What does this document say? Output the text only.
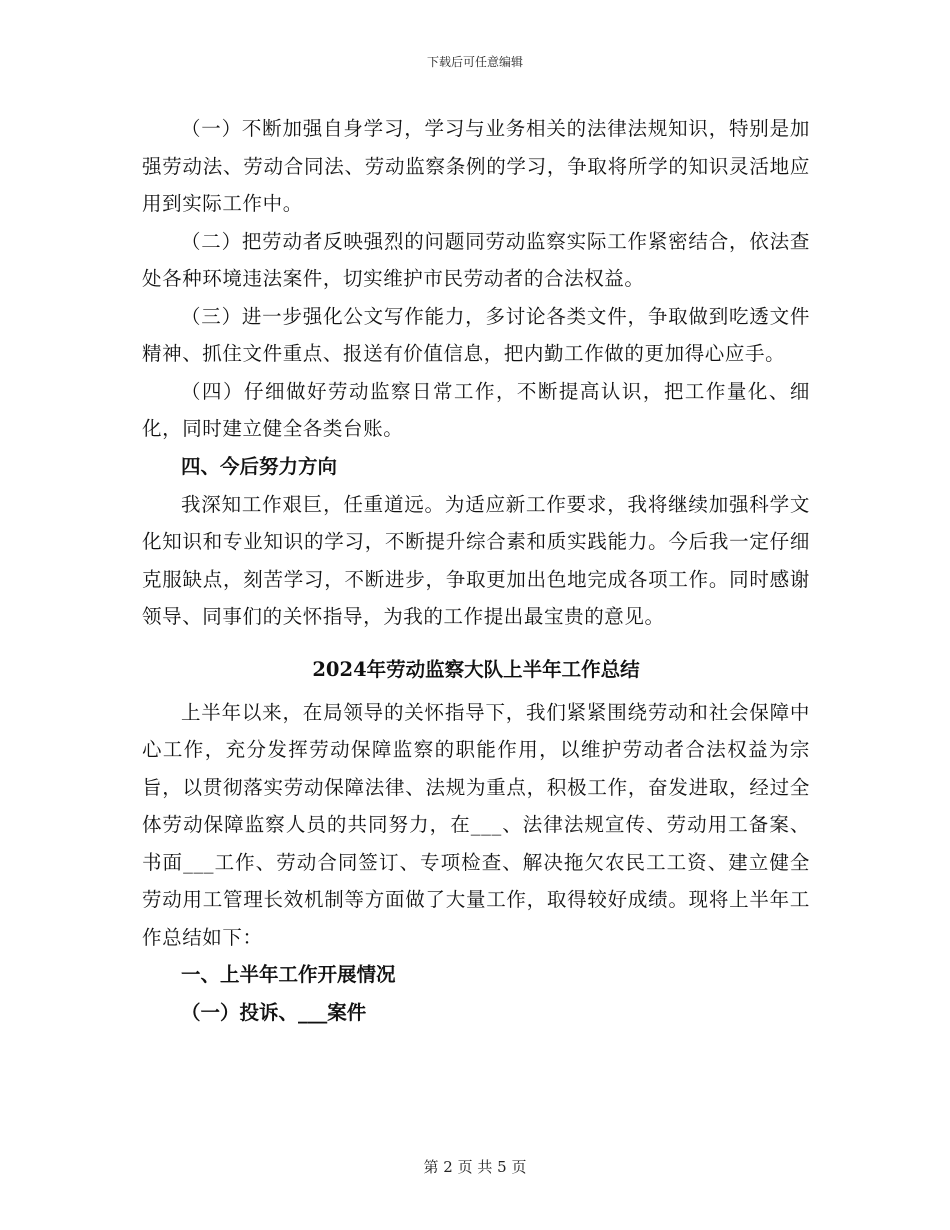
下载后可任意编辑

（一）不断加强自身学习，学习与业务相关的法律法规知识，特别是加强劳动法、劳动合同法、劳动监察条例的学习，争取将所学的知识灵活地应用到实际工作中。

（二）把劳动者反映强烈的问题同劳动监察实际工作紧密结合，依法查处各种环境违法案件，切实维护市民劳动者的合法权益。

（三）进一步强化公文写作能力，多讨论各类文件，争取做到吃透文件精神、抓住文件重点、报送有价值信息，把内勤工作做的更加得心应手。

（四）仔细做好劳动监察日常工作，不断提高认识，把工作量化、细化，同时建立健全各类台账。

四、今后努力方向

我深知工作艰巨，任重道远。为适应新工作要求，我将继续加强科学文化知识和专业知识的学习，不断提升综合素和质实践能力。今后我一定仔细克服缺点，刻苦学习，不断进步，争取更加出色地完成各项工作。同时感谢领导、同事们的关怀指导，为我的工作提出最宝贵的意见。

2024年劳动监察大队上半年工作总结

上半年以来，在局领导的关怀指导下，我们紧紧围绕劳动和社会保障中心工作，充分发挥劳动保障监察的职能作用，以维护劳动者合法权益为宗旨，以贯彻落实劳动保障法律、法规为重点，积极工作，奋发进取，经过全体劳动保障监察人员的共同努力，在___、法律法规宣传、劳动用工备案、书面___工作、劳动合同签订、专项检查、解决拖欠农民工工资、建立健全劳动用工管理长效机制等方面做了大量工作，取得较好成绩。现将上半年工作总结如下：

一、上半年工作开展情况

（一）投诉、___案件

第 2 页 共 5 页
